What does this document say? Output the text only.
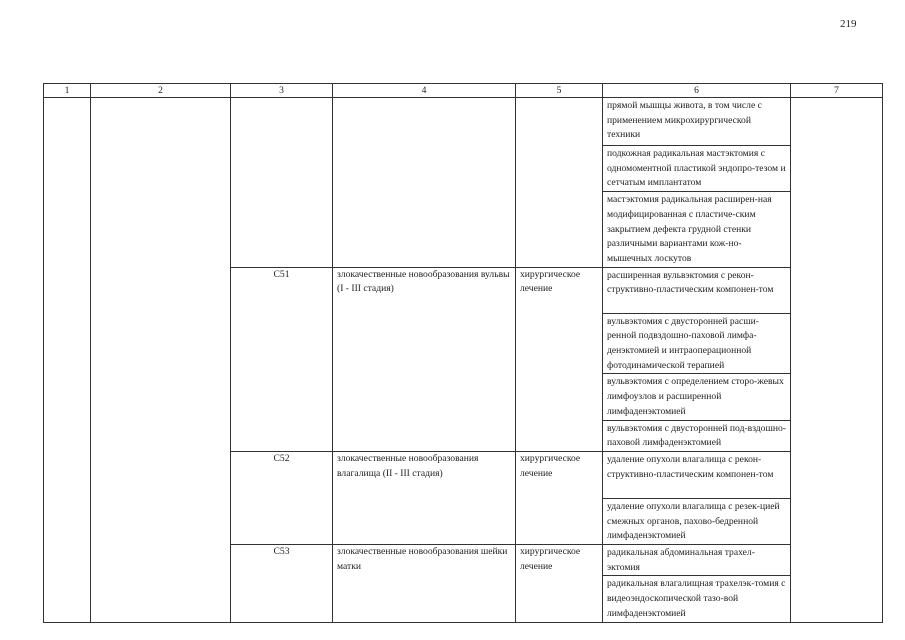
219
1	2	3	4	5	6	7
					прямой мышцы живота, в том числе с применением микрохирургической техники	
					подкожная радикальная мастэктомия с одномоментной пластикой эндопро-тезом и сетчатым имплантатом	
					мастэктомия радикальная расширен-ная модифицированная с пластиче-ским закрытием дефекта грудной стенки различными вариантами кож-но-мышечных лоскутов	
		C51	злокачественные новообразования вульвы (I - III стадия)	хирургическое лечение	расширенная вульвэктомия с рекон-структивно-пластическим компонен-том	
					вульвэктомия с двусторонней расши-ренной подвздошно-паховой лимфа-денэктомией и интраоперационной фотодинамической терапией	
					вульвэктомия с определением сторо-жевых лимфоузлов и расширенной лимфаденэктомией	
					вульвэктомия с двусторонней под-вздошно-паховой лимфаденэктомией	
		C52	злокачественные новообразования влагалища (II - III стадия)	хирургическое лечение	удаление опухоли влагалища с рекон-структивно-пластическим компонен-том	
					удаление опухоли влагалища с резек-цией смежных органов, пахово-бедренной лимфаденэктомией	
		C53	злокачественные новообразования шейки матки	хирургическое лечение	радикальная абдоминальная трахел-эктомия	
					радикальная влагалищная трахелэк-томия с видеоэндоскопической тазо-вой лимфаденэктомией	
